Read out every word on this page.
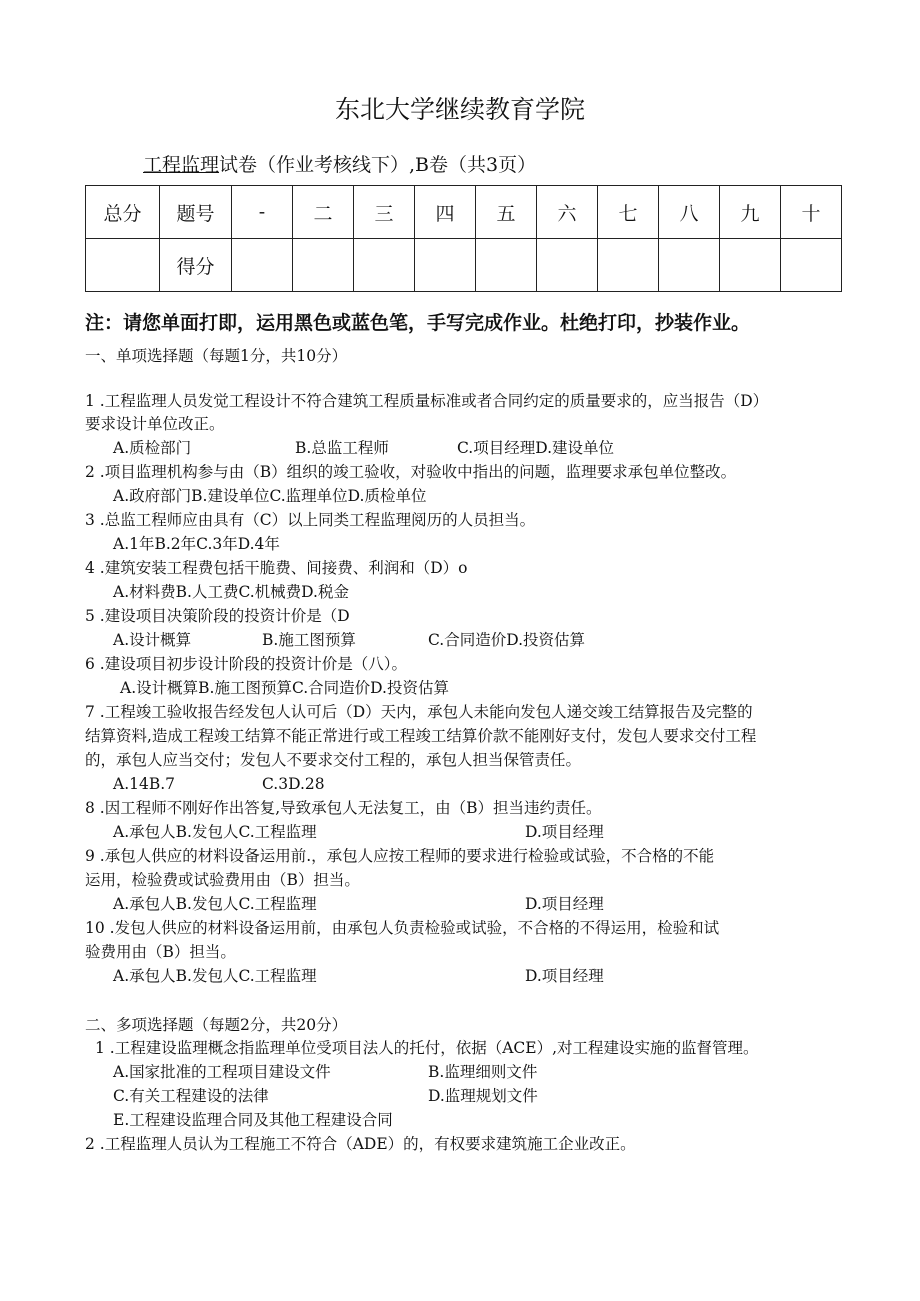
东北大学继续教育学院
工程监理试卷（作业考核线下）,B卷（共3页）
总分	题号	-	二	三	四	五	六	七	八	九	十
	得分										
注：请您单面打即，运用黑色或蓝色笔，手写完成作业。杜绝打印，抄装作业。
一、单项选择题（每题1分，共10分）
1 .工程监理人员发觉工程设计不符合建筑工程质量标准或者合同约定的质量要求的，应当报告（D）
要求设计单位改正。
A.质检部门	B.总监工程师	C.项目经理D.建设单位
2 .项目监理机构参与由（B）组织的竣工验收，对验收中指出的问题，监理要求承包单位整改。
A.政府部门B.建设单位C.监理单位D.质检单位
3 .总监工程师应由具有（C）以上同类工程监理阅历的人员担当。
A.1年B.2年C.3年D.4年
4 .建筑安装工程费包括干脆费、间接费、利润和（D）o
A.材料费B.人工费C.机械费D.税金
5 .建设项目决策阶段的投资计价是（D
A.设计概算	B.施工图预算	C.合同造价D.投资估算
6 .建设项目初步设计阶段的投资计价是（八）。
A.设计概算B.施工图预算C.合同造价D.投资估算
7 .工程竣工验收报告经发包人认可后（D）天内，承包人未能向发包人递交竣工结算报告及完整的
结算资料,造成工程竣工结算不能正常进行或工程竣工结算价款不能刚好支付，发包人要求交付工程
的，承包人应当交付；发包人不要求交付工程的，承包人担当保管责任。
A.14B.7	C.3D.28
8 .因工程师不刚好作出答复,导致承包人无法复工，由（B）担当违约责任。
A.承包人B.发包人C.工程监理	D.项目经理
9 .承包人供应的材料设备运用前.，承包人应按工程师的要求进行检验或试验，不合格的不能
运用，检验费或试验费用由（B）担当。
A.承包人B.发包人C.工程监理	D.项目经理
10 .发包人供应的材料设备运用前，由承包人负责检验或试验，不合格的不得运用，检验和试
验费用由（B）担当。
A.承包人B.发包人C.工程监理	D.项目经理
二、多项选择题（每题2分，共20分）
1 .工程建设监理概念指监理单位受项目法人的托付，依据（ACE）,对工程建设实施的监督管理。
A.国家批准的工程项目建设文件	B.监理细则文件
C.有关工程建设的法律	D.监理规划文件
E.工程建设监理合同及其他工程建设合同
2 .工程监理人员认为工程施工不符合（ADE）的，有权要求建筑施工企业改正。
